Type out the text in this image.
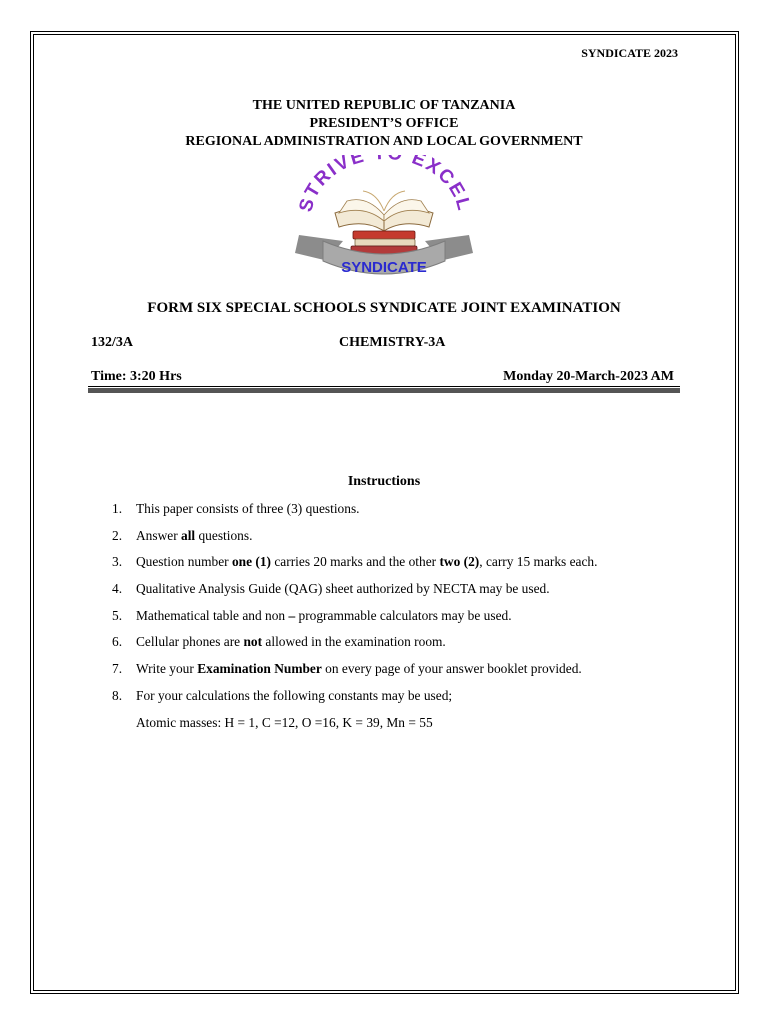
SYNDICATE 2023
THE UNITED REPUBLIC OF TANZANIA
PRESIDENT’S OFFICE
REGIONAL ADMINISTRATION AND LOCAL GOVERNMENT
STRIVE EXCEL
SYNDICATE
FORM SIX SPECIAL SCHOOLS SYNDICATE JOINT EXAMINATION
132/3A	CHEMISTRY-3A
Time: 3:20 Hrs	Monday 20-March-2023 AM
Instructions
1. This paper consists of three (3) questions.
2. Answer all questions.
3. Question number one (1) carries 20 marks and the other two (2), carry 15 marks each.
4. Qualitative Analysis Guide (QAG) sheet authorized by NECTA may be used.
5. Mathematical table and non – programmable calculators may be used.
6. Cellular phones are not allowed in the examination room.
7. Write your Examination Number on every page of your answer booklet provided.
8. For your calculations the following constants may be used;
Atomic masses: H = 1, C =12, O =16, K = 39, Mn = 55
